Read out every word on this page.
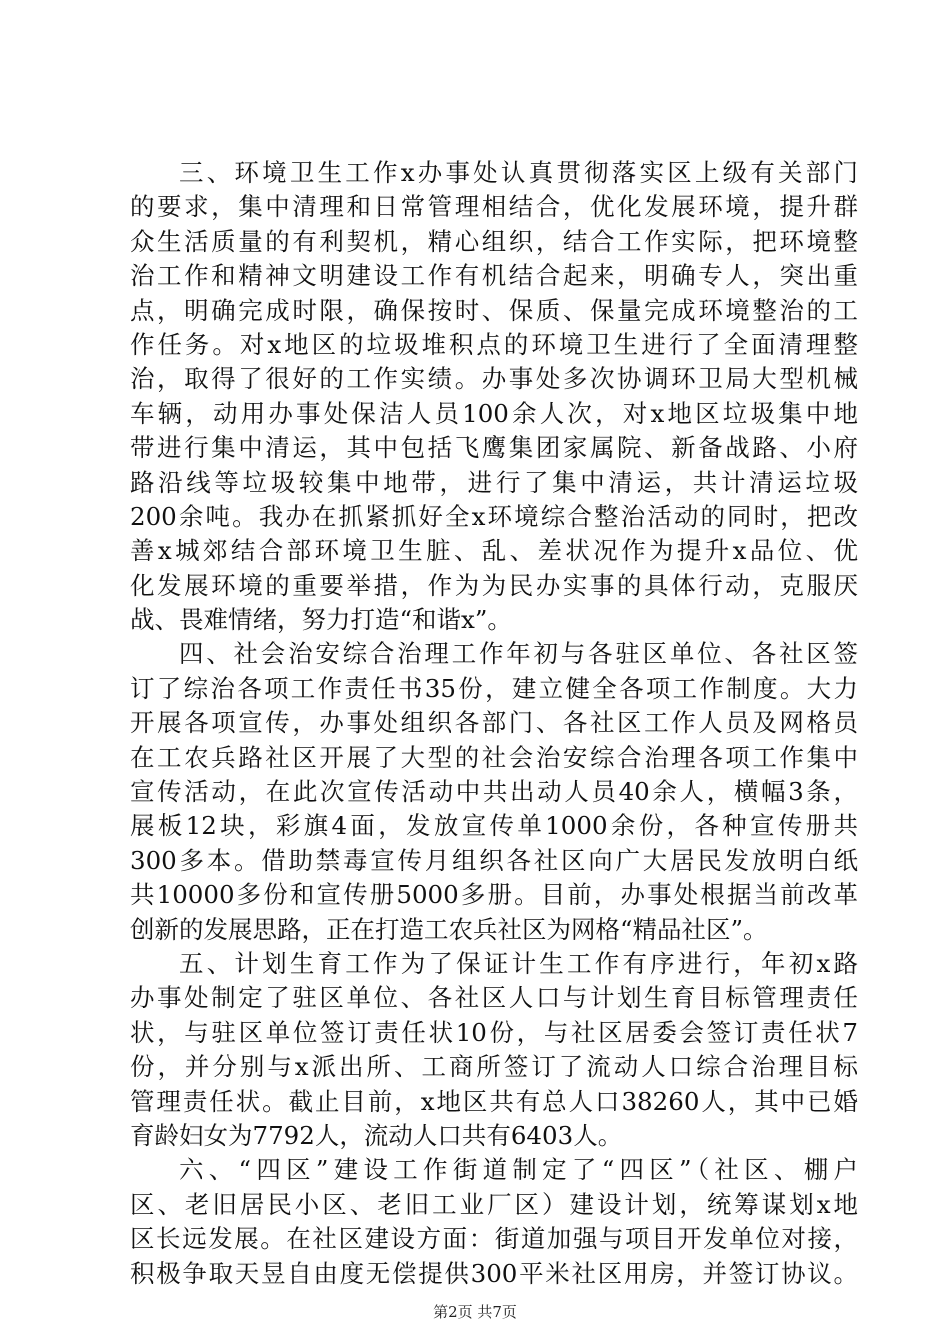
三、环境卫生工作x办事处认真贯彻落实区上级有关部门
的要求，集中清理和日常管理相结合，优化发展环境，提升群
众生活质量的有利契机，精心组织，结合工作实际，把环境整
治工作和精神文明建设工作有机结合起来，明确专人，突出重
点，明确完成时限，确保按时、保质、保量完成环境整治的工
作任务。对x地区的垃圾堆积点的环境卫生进行了全面清理整
治，取得了很好的工作实绩。办事处多次协调环卫局大型机械
车辆，动用办事处保洁人员100余人次，对x地区垃圾集中地
带进行集中清运，其中包括飞鹰集团家属院、新备战路、小府
路沿线等垃圾较集中地带，进行了集中清运，共计清运垃圾
200余吨。我办在抓紧抓好全x环境综合整治活动的同时，把改
善x城郊结合部环境卫生脏、乱、差状况作为提升x品位、优
化发展环境的重要举措，作为为民办实事的具体行动，克服厌
战、畏难情绪，努力打造“和谐x”。
四、社会治安综合治理工作年初与各驻区单位、各社区签
订了综治各项工作责任书35份，建立健全各项工作制度。大力
开展各项宣传，办事处组织各部门、各社区工作人员及网格员
在工农兵路社区开展了大型的社会治安综合治理各项工作集中
宣传活动，在此次宣传活动中共出动人员40余人，横幅3条，
展板12块，彩旗4面，发放宣传单1000余份，各种宣传册共
300多本。借助禁毒宣传月组织各社区向广大居民发放明白纸
共10000多份和宣传册5000多册。目前，办事处根据当前改革
创新的发展思路，正在打造工农兵社区为网格“精品社区”。
五、计划生育工作为了保证计生工作有序进行，年初x路
办事处制定了驻区单位、各社区人口与计划生育目标管理责任
状，与驻区单位签订责任状10份，与社区居委会签订责任状7
份，并分别与x派出所、工商所签订了流动人口综合治理目标
管理责任状。截止目前，x地区共有总人口38260人，其中已婚
育龄妇女为7792人，流动人口共有6403人。
六、“四区”建设工作街道制定了“四区”（社区、棚户
区、老旧居民小区、老旧工业厂区）建设计划，统筹谋划x地
区长远发展。在社区建设方面：街道加强与项目开发单位对接，
积极争取天昱自由度无偿提供300平米社区用房，并签订协议。
第2页 共7页
